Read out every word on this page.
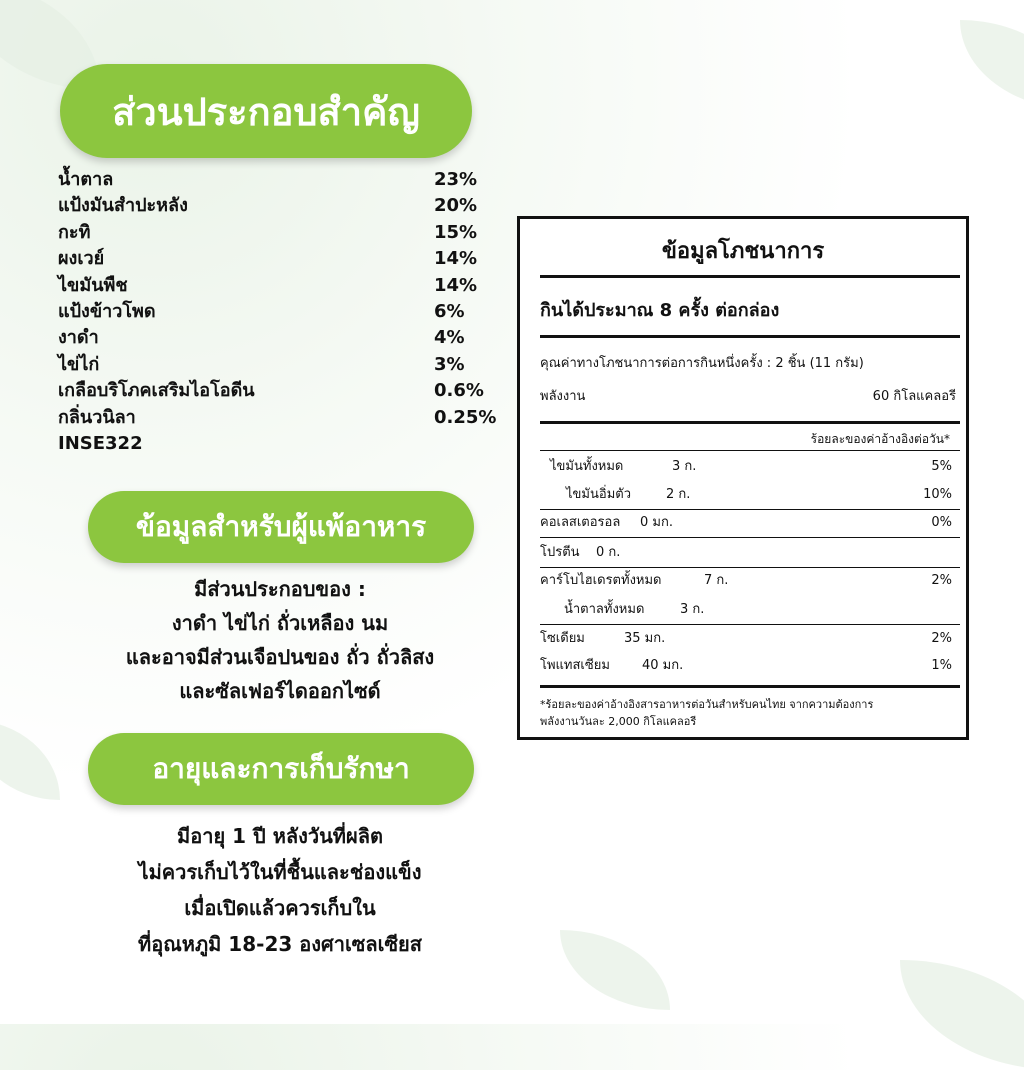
ส่วนประกอบสำคัญ
ข้อมูลสำหรับผู้แพ้อาหาร
อายุและการเก็บรักษา
น้ำตาล	23%
แป้งมันสำปะหลัง	20%
กะทิ	15%
ผงเวย์	14%
ไขมันพืช	14%
แป้งข้าวโพด	6%
งาดำ	4%
ไข่ไก่	3%
เกลือบริโภคเสริมไอโอดีน	0.6%
กลิ่นวนิลา	0.25%
INSE322
มีส่วนประกอบของ :
งาดำ ไข่ไก่ ถั่วเหลือง นม
และอาจมีส่วนเจือปนของ ถั่ว ถั่วลิสง
และซัลเฟอร์ไดออกไซด์
มีอายุ 1 ปี หลังวันที่ผลิต
ไม่ควรเก็บไว้ในที่ชื้นและช่องแข็ง
เมื่อเปิดแล้วควรเก็บใน
ที่อุณหภูมิ 18-23 องศาเซลเซียส
ข้อมูลโภชนาการ
กินได้ประมาณ 8 ครั้ง ต่อกล่อง
คุณค่าทางโภชนาการต่อการกินหนึ่งครั้ง : 2 ชิ้น (11 กรัม)
พลังงาน	60 กิโลแคลอรี
ร้อยละของค่าอ้างอิงต่อวัน*
ไขมันทั้งหมด	3 ก.	5%
ไขมันอิ่มตัว	2 ก.	10%
คอเลสเตอรอล 0 มก.	0%
โปรตีน 0 ก.
คาร์โบไฮเดรตทั้งหมด	7 ก.	2%
น้ำตาลทั้งหมด	3 ก.
โซเดียม	35 มก.	2%
โพแทสเซียม 40 มก.	1%
*ร้อยละของค่าอ้างอิงสารอาหารต่อวันสำหรับคนไทย จากความต้องการ
พลังงานวันละ 2,000 กิโลแคลอรี
